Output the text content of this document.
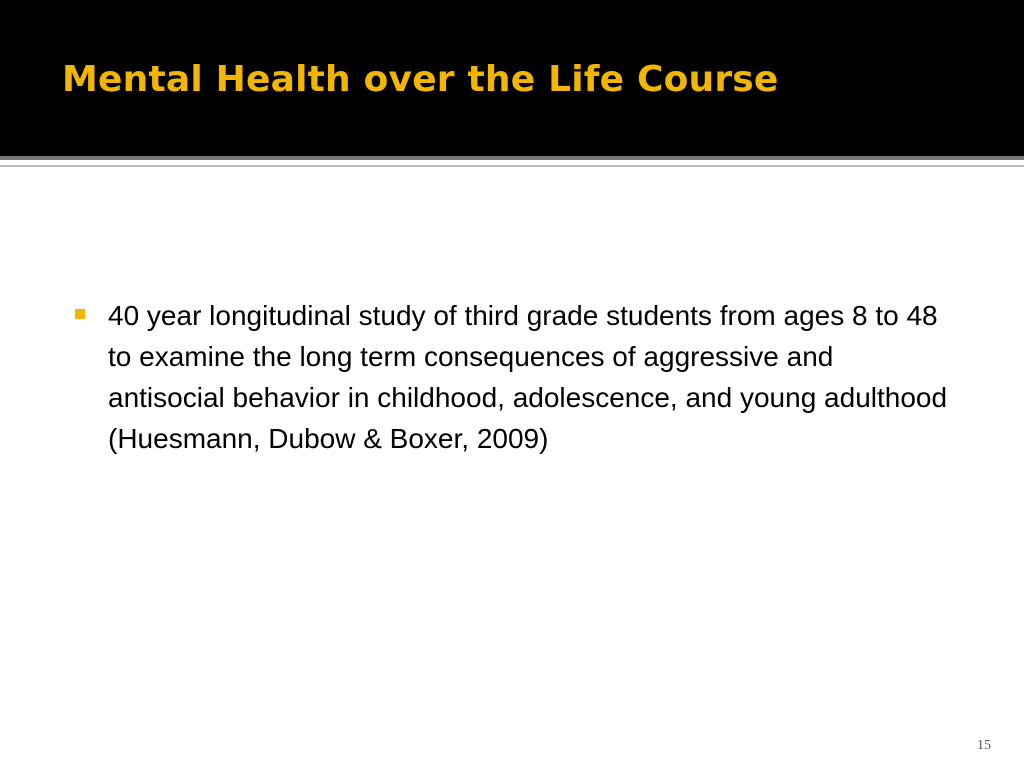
Mental Health over the Life Course
40 year longitudinal study of third grade students from ages 8 to 48 to examine the long term consequences of aggressive and antisocial behavior in childhood, adolescence, and young adulthood (Huesmann, Dubow & Boxer, 2009)
15
